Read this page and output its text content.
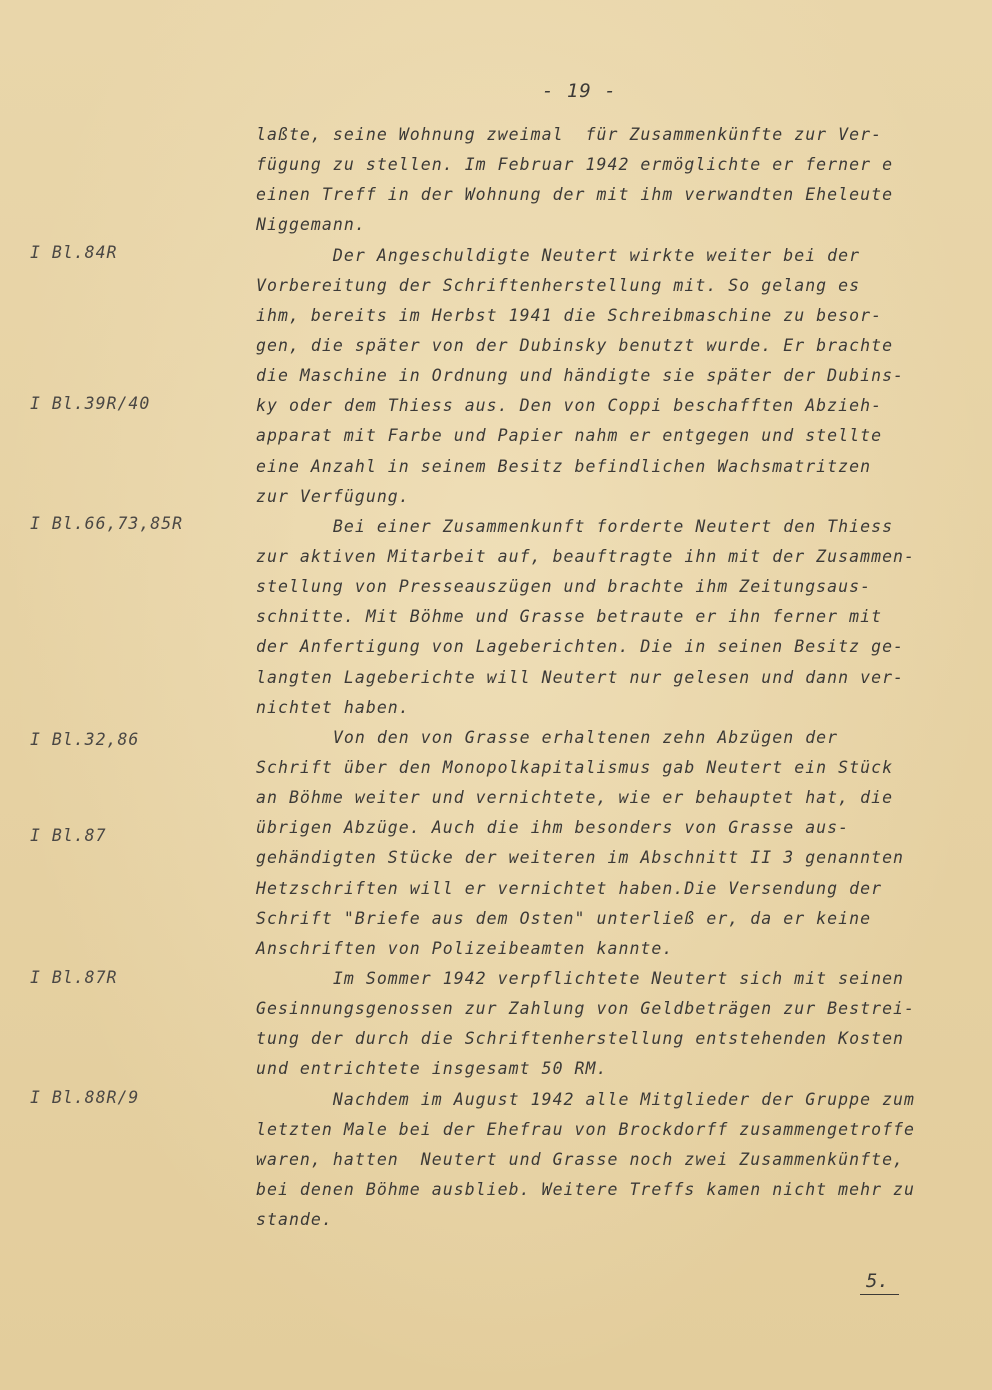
- 19 -
I Bl.84R
I Bl.39R/40
I Bl.66,73,85R
I Bl.32,86
I Bl.87
I Bl.87R
I Bl.88R/9
laßte, seine Wohnung zweimal  für Zusammenkünfte zur Ver-
fügung zu stellen. Im Februar 1942 ermöglichte er ferner e
einen Treff in der Wohnung der mit ihm verwandten Eheleute
Niggemann.
Der Angeschuldigte Neutert wirkte weiter bei der
Vorbereitung der Schriftenherstellung mit. So gelang es
ihm, bereits im Herbst 1941 die Schreibmaschine zu besor-
gen, die später von der Dubinsky benutzt wurde. Er brachte
die Maschine in Ordnung und händigte sie später der Dubins-
ky oder dem Thiess aus. Den von Coppi beschafften Abzieh-
apparat mit Farbe und Papier nahm er entgegen und stellte
eine Anzahl in seinem Besitz befindlichen Wachsmatritzen
zur Verfügung.
Bei einer Zusammenkunft forderte Neutert den Thiess
zur aktiven Mitarbeit auf, beauftragte ihn mit der Zusammen-
stellung von Presseauszügen und brachte ihm Zeitungsaus-
schnitte. Mit Böhme und Grasse betraute er ihn ferner mit
der Anfertigung von Lageberichten. Die in seinen Besitz ge-
langten Lageberichte will Neutert nur gelesen und dann ver-
nichtet haben.
Von den von Grasse erhaltenen zehn Abzügen der
Schrift über den Monopolkapitalismus gab Neutert ein Stück
an Böhme weiter und vernichtete, wie er behauptet hat, die
übrigen Abzüge. Auch die ihm besonders von Grasse aus-
gehändigten Stücke der weiteren im Abschnitt II 3 genannten
Hetzschriften will er vernichtet haben.Die Versendung der
Schrift "Briefe aus dem Osten" unterließ er, da er keine
Anschriften von Polizeibeamten kannte.
Im Sommer 1942 verpflichtete Neutert sich mit seinen
Gesinnungsgenossen zur Zahlung von Geldbeträgen zur Bestrei-
tung der durch die Schriftenherstellung entstehenden Kosten
und entrichtete insgesamt 50 RM.
Nachdem im August 1942 alle Mitglieder der Gruppe zum
letzten Male bei der Ehefrau von Brockdorff zusammengetroffe
waren, hatten  Neutert und Grasse noch zwei Zusammenkünfte,
bei denen Böhme ausblieb. Weitere Treffs kamen nicht mehr zu
stande.
5.
